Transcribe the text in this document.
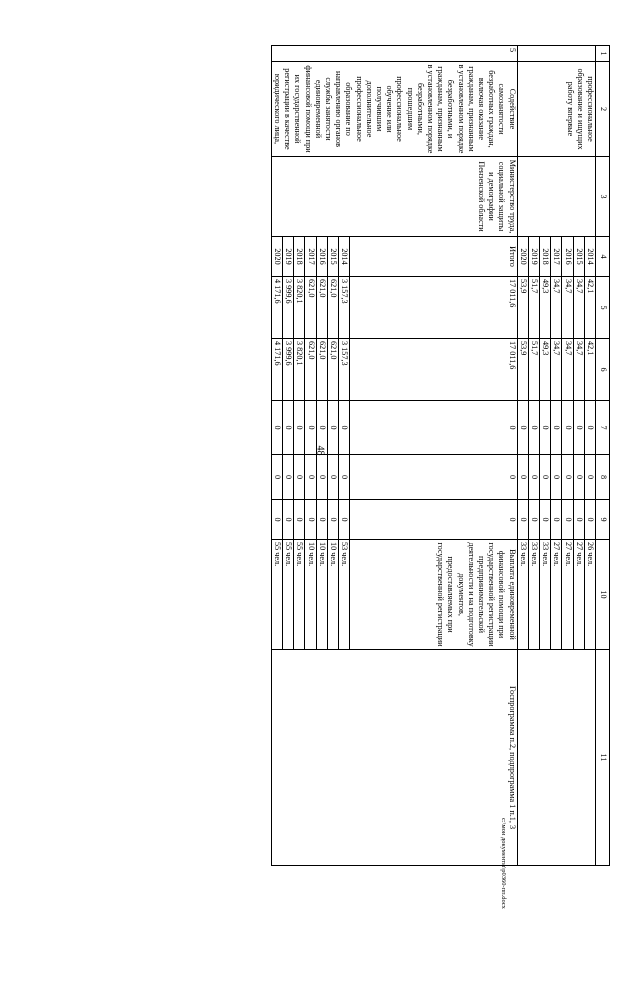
48
1	2	3	4	5	6	7	8	9	10	11
	профессиональное образование и ищущих работу впервые		2014	42,1	42,1	0	0	0	26 чел.	
			2015	34,7	34,7	0	0	0	27 чел.	
			2016	34,7	34,7	0	0	0	27 чел.	
			2017	34,7	34,7	0	0	0	27 чел.	
			2018	49,3	49,3	0	0	0	33 чел.	
			2019	51,7	51,7	0	0	0	33 чел.	
			2020	53,9	53,9	0	0	0	33 чел.	
5	Содействие самозанятости безработных граждан, включая оказание гражданам, признанным в установленном порядке безработными, и гражданам, признанным в установленном порядке безработными, прошедшим профессиональное обучение или получившим дополнительное профессиональное образование по направлению органов службы занятости единовременной финансовой помощи при их государственной регистрации в качестве юридического лица,	Министерство труда, социальной защиты и демографии Пензенской области	Итого	17 011,6	17 011,6	0	0	0	Выплата единовременной финансовой помощи при государственной регистрации предпринимательской деятельности и на подготовку документов, предоставляемых при государственной регистрации	Госпрограмма п.2, подпрограмма 1 п.1, 3
			2014	3 157,3	3 157,3	0	0	0	53 чел.	
			2015	621,0	621,0	0	0	0	10 чел.	
			2016	621,0	621,0	0	0	0	10 чел.	
			2017	621,0	621,0	0	0	0	10 чел.	
			2018	3 820,1	3 820,1	0	0	0	55 чел.	
			2019	3 999,6	3 999,6	0	0	0	55 чел.	
			2020	4 171,6	4 171,6	0	0	0	55 чел.	
с:\мои документы\р0360-пп.docx
